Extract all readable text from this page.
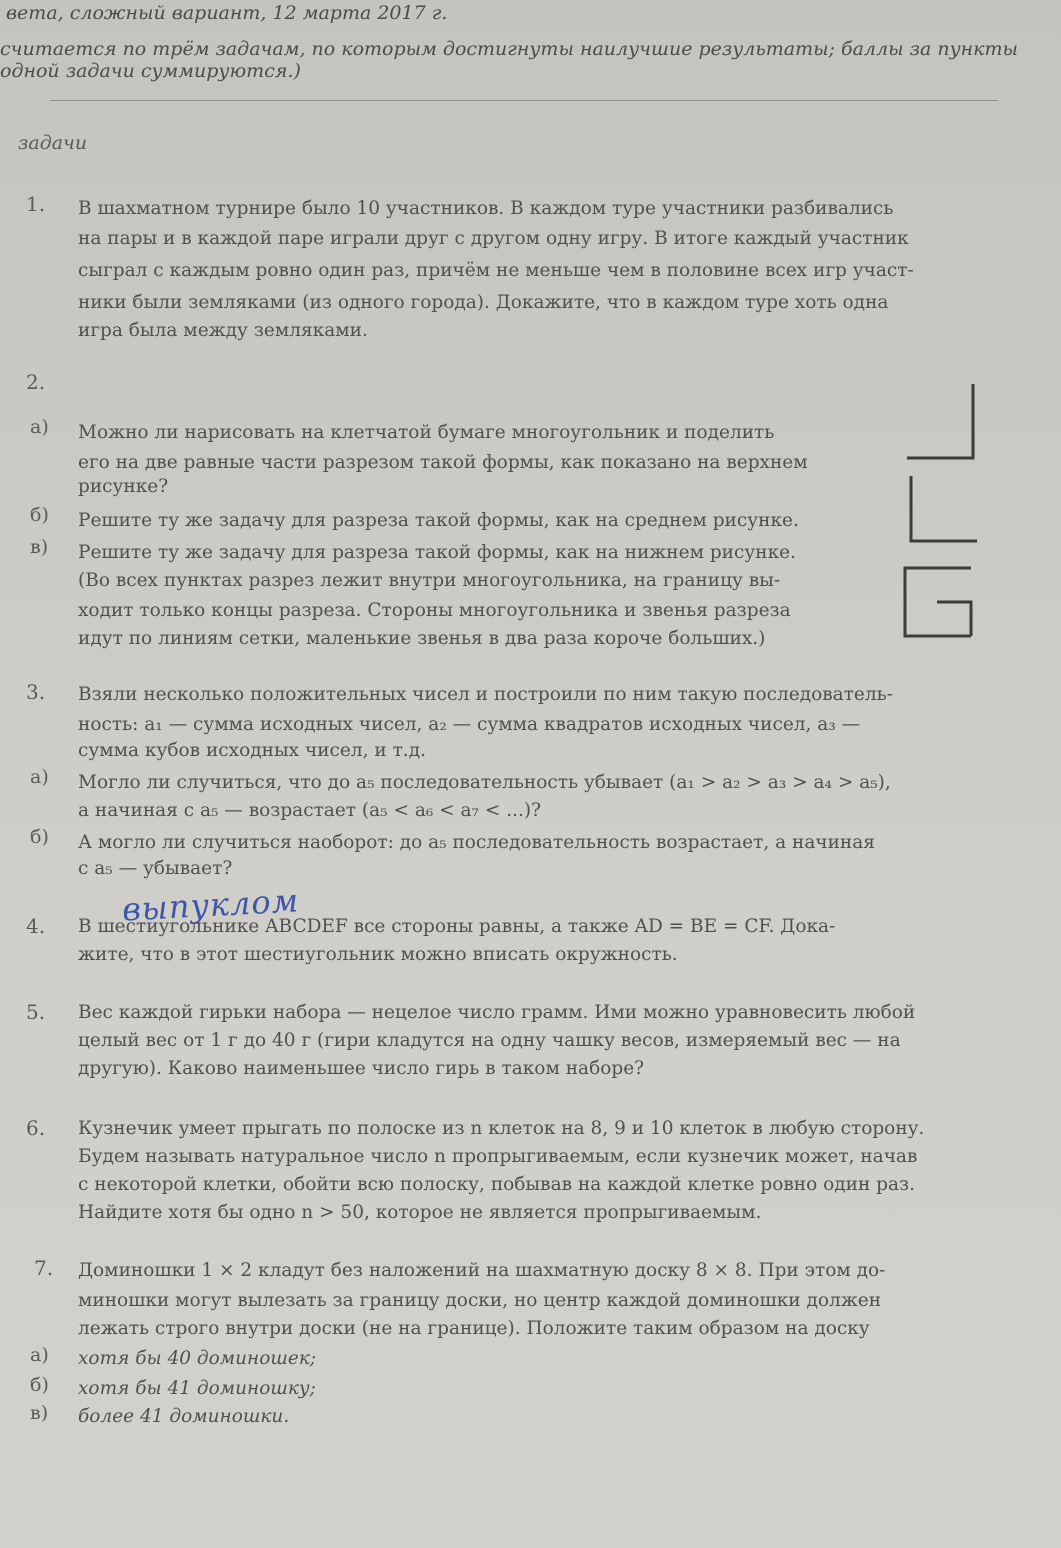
вета, сложный вариант, 12 марта 2017 г.
считается по трём задачам, по которым достигнуты наилучшие результаты; баллы за пункты
одной задачи суммируются.)
задачи
1. В шахматном турнире было 10 участников. В каждом туре участники разбивались
на пары и в каждой паре играли друг с другом одну игру. В итоге каждый участник
сыграл с каждым ровно один раз, причём не меньше чем в половине всех игр участ-
ники были земляками (из одного города). Докажите, что в каждом туре хоть одна
игра была между земляками.
2.
а) Можно ли нарисовать на клетчатой бумаге многоугольник и поделить
его на две равные части разрезом такой формы, как показано на верхнем
рисунке?
б) Решите ту же задачу для разреза такой формы, как на среднем рисунке.
в) Решите ту же задачу для разреза такой формы, как на нижнем рисунке.
(Во всех пунктах разрез лежит внутри многоугольника, на границу вы-
ходит только концы разреза. Стороны многоугольника и звенья разреза
идут по линиям сетки, маленькие звенья в два раза короче больших.)
3. Взяли несколько положительных чисел и построили по ним такую последователь-
ность: a₁ — сумма исходных чисел, a₂ — сумма квадратов исходных чисел, a₃ —
сумма кубов исходных чисел, и т.д.
а) Могло ли случиться, что до a₅ последовательность убывает (a₁ > a₂ > a₃ > a₄ > a₅),
а начиная с a₅ — возрастает (a₅ < a₆ < a₇ < ...)?
б) А могло ли случиться наоборот: до a₅ последовательность возрастает, а начиная
с a₅ — убывает?
выпуклом
4. В шестиугольнике ABCDEF все стороны равны, а также AD = BE = CF. Дока-
жите, что в этот шестиугольник можно вписать окружность.
5. Вес каждой гирьки набора — нецелое число грамм. Ими можно уравновесить любой
целый вес от 1 г до 40 г (гири кладутся на одну чашку весов, измеряемый вес — на
другую). Каково наименьшее число гирь в таком наборе?
6. Кузнечик умеет прыгать по полоске из n клеток на 8, 9 и 10 клеток в любую сторону.
Будем называть натуральное число n пропрыгиваемым, если кузнечик может, начав
с некоторой клетки, обойти всю полоску, побывав на каждой клетке ровно один раз.
Найдите хотя бы одно n > 50, которое не является пропрыгиваемым.
7. Доминошки 1 × 2 кладут без наложений на шахматную доску 8 × 8. При этом до-
миношки могут вылезать за границу доски, но центр каждой доминошки должен
лежать строго внутри доски (не на границе). Положите таким образом на доску
а) хотя бы 40 доминошек;
б) хотя бы 41 доминошку;
в) более 41 доминошки.
